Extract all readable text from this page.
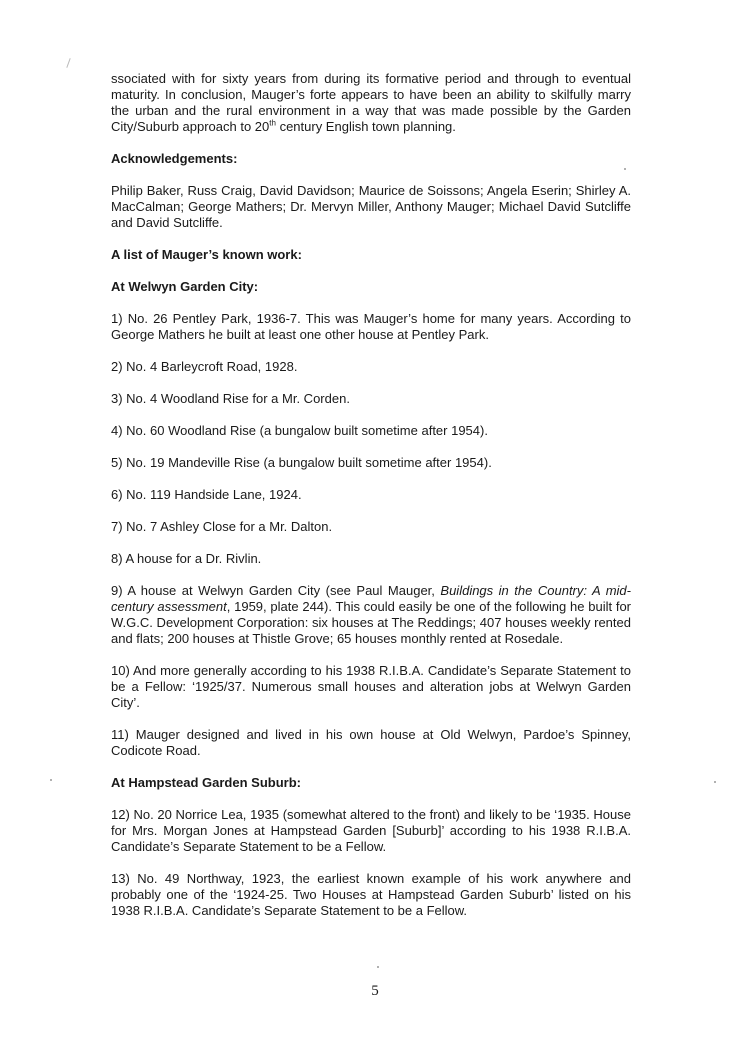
ssociated with for sixty years from during its formative period and through to eventual maturity. In conclusion, Mauger’s forte appears to have been an ability to skilfully marry the urban and the rural environment in a way that was made possible by the Garden City/Suburb approach to 20th century English town planning.

Acknowledgements:

Philip Baker, Russ Craig, David Davidson; Maurice de Soissons; Angela Eserin; Shirley A. MacCalman; George Mathers; Dr. Mervyn Miller, Anthony Mauger; Michael David Sutcliffe and David Sutcliffe.

A list of Mauger’s known work:

At Welwyn Garden City:

1) No. 26 Pentley Park, 1936-7. This was Mauger’s home for many years. According to George Mathers he built at least one other house at Pentley Park.

2) No. 4 Barleycroft Road, 1928.

3) No. 4 Woodland Rise for a Mr. Corden.

4) No. 60 Woodland Rise (a bungalow built sometime after 1954).

5) No. 19 Mandeville Rise (a bungalow built sometime after 1954).

6) No. 119 Handside Lane, 1924.

7) No. 7 Ashley Close for a Mr. Dalton.

8) A house for a Dr. Rivlin.

9) A house at Welwyn Garden City (see Paul Mauger, Buildings in the Country: A mid-century assessment, 1959, plate 244). This could easily be one of the following he built for W.G.C. Development Corporation: six houses at The Reddings; 407 houses weekly rented and flats; 200 houses at Thistle Grove; 65 houses monthly rented at Rosedale.

10) And more generally according to his 1938 R.I.B.A. Candidate’s Separate Statement to be a Fellow: ‘1925/37. Numerous small houses and alteration jobs at Welwyn Garden City’.

11) Mauger designed and lived in his own house at Old Welwyn, Pardoe’s Spinney, Codicote Road.

At Hampstead Garden Suburb:

12) No. 20 Norrice Lea, 1935 (somewhat altered to the front) and likely to be ‘1935. House for Mrs. Morgan Jones at Hampstead Garden [Suburb]’ according to his 1938 R.I.B.A. Candidate’s Separate Statement to be a Fellow.

13) No. 49 Northway, 1923, the earliest known example of his work anywhere and probably one of the ‘1924-25. Two Houses at Hampstead Garden Suburb’ listed on his 1938 R.I.B.A. Candidate’s Separate Statement to be a Fellow.

5
